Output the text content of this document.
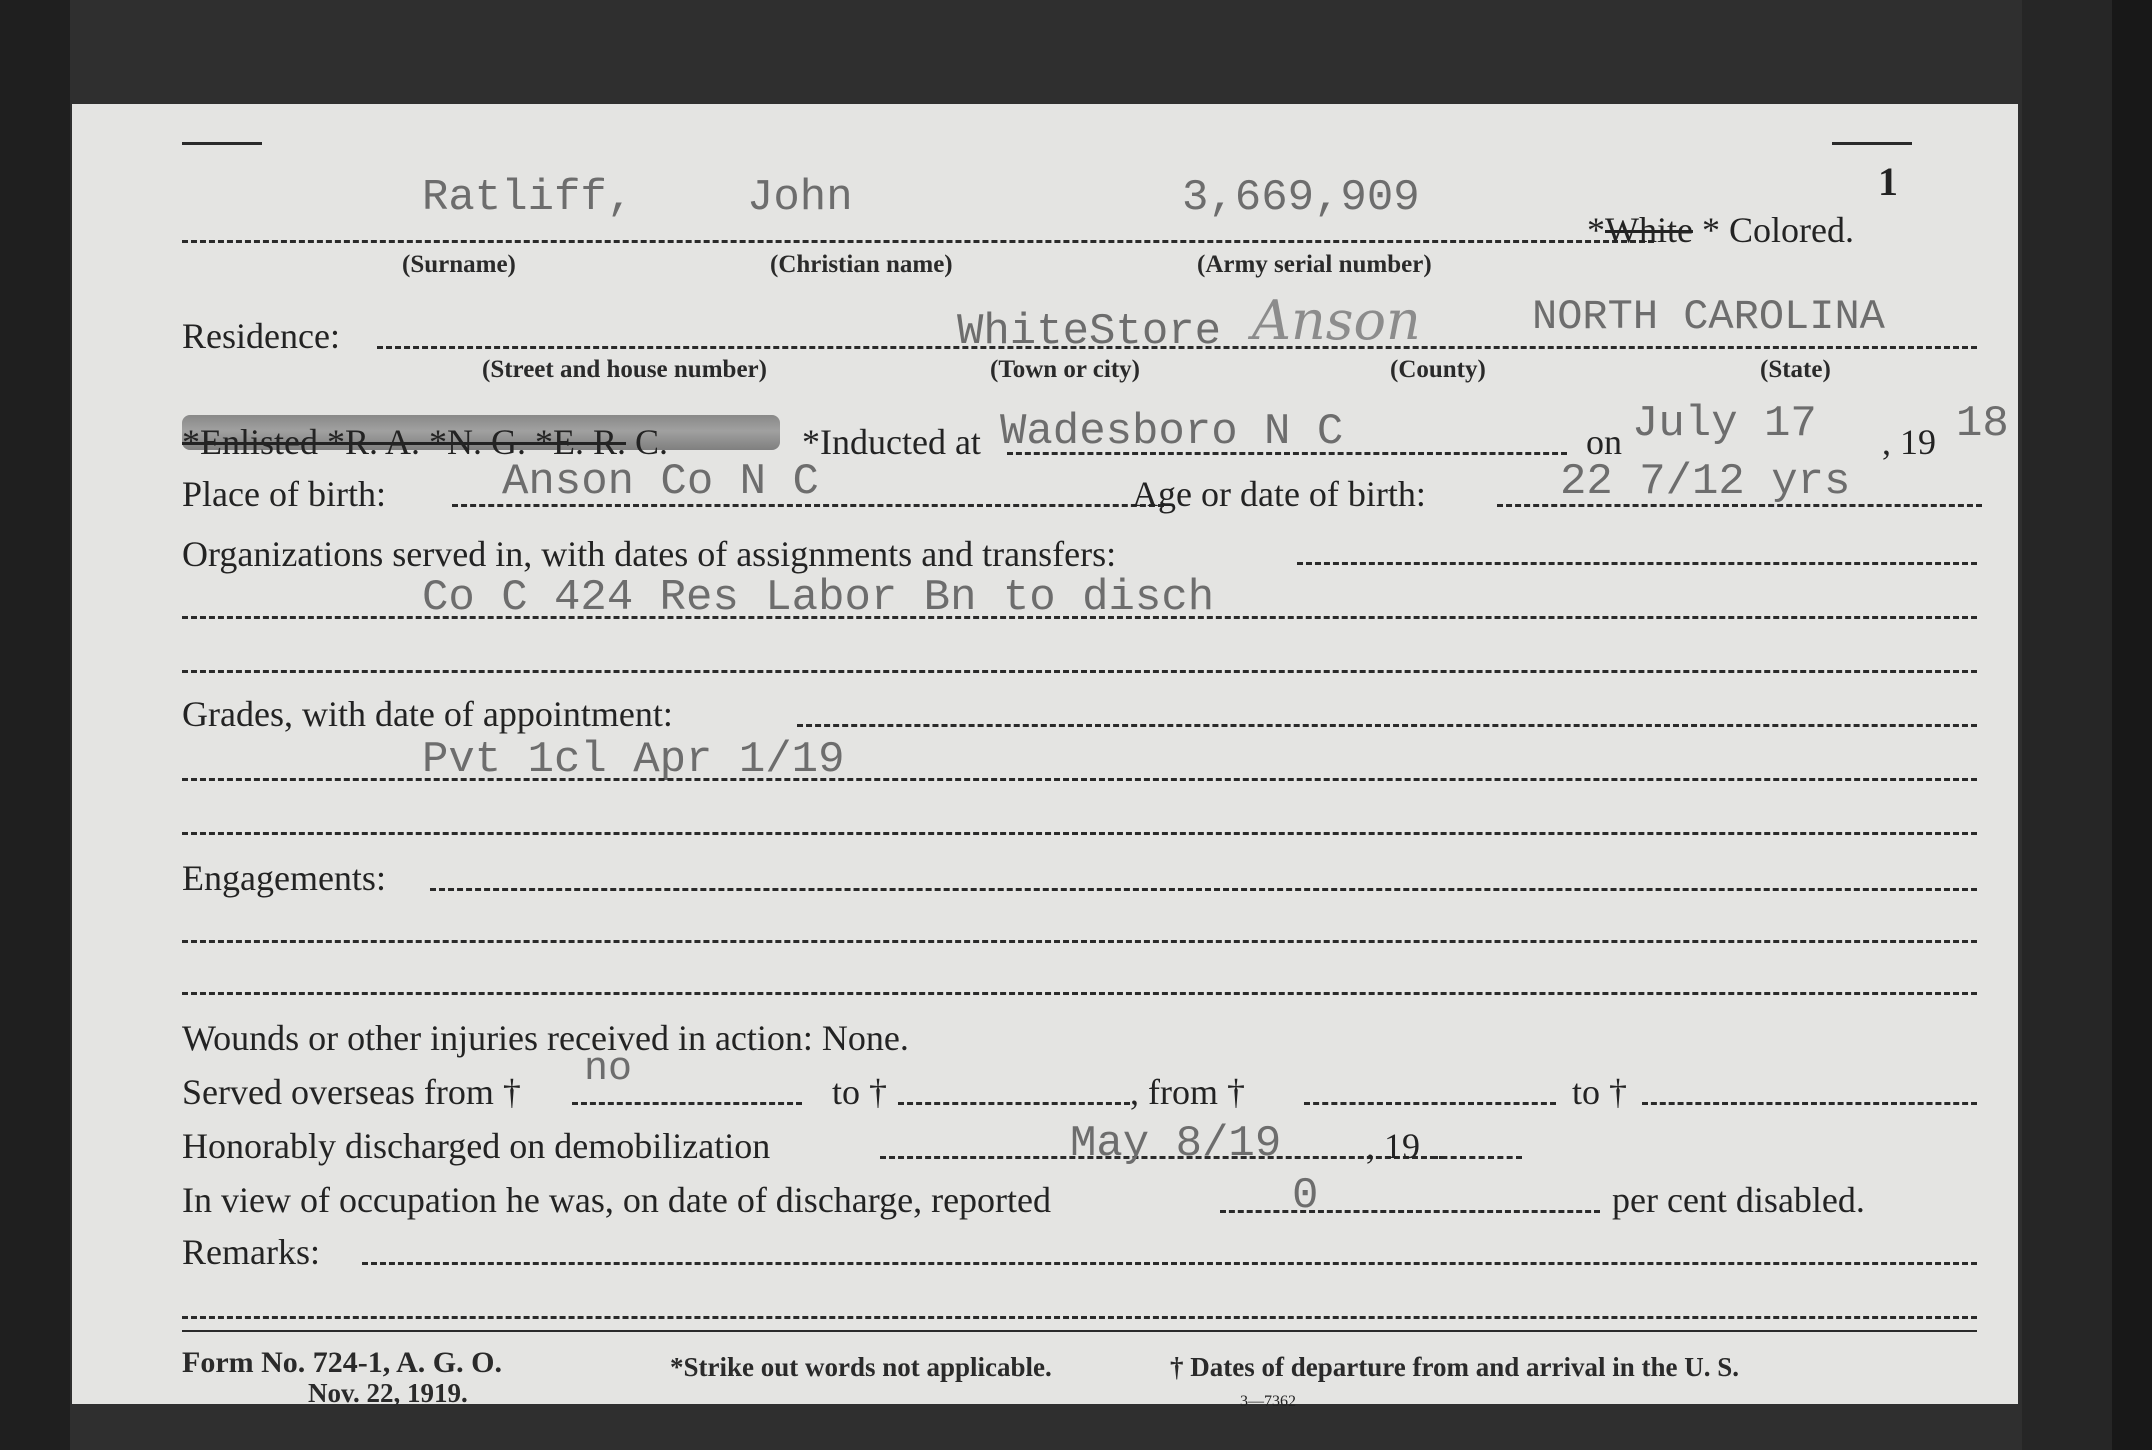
1
Ratliff,	John	3,669,909
*White * Colored.
(Surname)	(Christian name)	(Army serial number)
Residence:	WhiteStore Anson	NORTH CAROLINA
(Street and house number)	(Town or city)	(County)	(State)
*Enlisted *R. A. *N. G. *E. R. C.	*Inducted at Wadesboro N C	on July 17 , 19 18
Place of birth:	Anson Co N C	Age or date of birth:	22 7/12 yrs
Organizations served in, with dates of assignments and transfers:
Co C 424 Res Labor Bn to disch
Grades, with date of appointment:
Pvt 1cl Apr 1/19
Engagements:
Wounds or other injuries received in action: None.
Served overseas from † no	to †	, from †	to †
Honorably discharged on demobilization	May 8/19 , 19
In view of occupation he was, on date of discharge, reported	0	per cent disabled.
Remarks:
Form No. 724-1, A. G. O.
Nov. 22, 1919.
*Strike out words not applicable.	† Dates of departure from and arrival in the U. S.
3—7362
